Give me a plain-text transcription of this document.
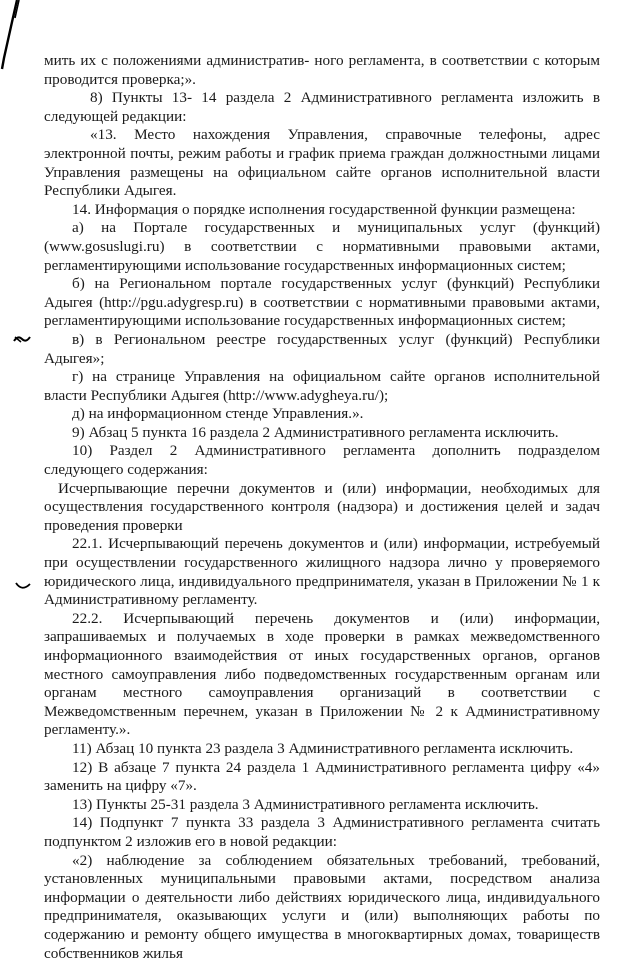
мить их с положениями административ- ного регламента, в соответствии с которым проводится проверка;».

8) Пункты 13- 14 раздела 2 Административного регламента изложить в следующей редакции:

«13. Место нахождения Управления, справочные телефоны, адрес электронной почты, режим работы и график приема граждан должностными лицами Управления размещены на официальном сайте органов исполнительной власти Республики Адыгея.

14. Информация о порядке исполнения государственной функции размещена:

а) на Портале государственных и муниципальных услуг (функций) (www.gosuslugi.ru) в соответствии с нормативными правовыми актами, регламентирующими использование государственных информационных систем;

б) на Региональном портале государственных услуг (функций) Республики Адыгея (http://pgu.adygresp.ru) в соответствии с нормативными правовыми актами, регламентирующими использование государственных информационных систем;

в) в Региональном реестре государственных услуг (функций) Республики Адыгея»;

г) на странице Управления на официальном сайте органов исполнительной власти Республики Адыгея (http://www.adygheya.ru/);

д) на информационном стенде Управления.».

9) Абзац 5 пункта 16 раздела 2 Административного регламента исключить.

10) Раздел 2 Административного регламента дополнить подразделом следующего содержания:

Исчерпывающие перечни документов и (или) информации, необходимых для осуществления государственного контроля (надзора) и достижения целей и задач проведения проверки

22.1. Исчерпывающий перечень документов и (или) информации, истребуемый при осуществлении государственного жилищного надзора лично у проверяемого юридического лица, индивидуального предпринимателя, указан в Приложении № 1 к Административному регламенту.

22.2. Исчерпывающий перечень документов и (или) информации, запрашиваемых и получаемых в ходе проверки в рамках межведомственного информационного взаимодействия от иных государственных органов, органов местного самоуправления либо подведомственных государственным органам или органам местного самоуправления организаций в соответствии с Межведомственным перечнем, указан в Приложении № 2 к Административному регламенту.».

11) Абзац 10 пункта 23 раздела 3 Административного регламента исключить.

12) В абзаце 7 пункта 24 раздела 1 Административного регламента цифру «4» заменить на цифру «7».

13) Пункты 25-31 раздела 3 Административного регламента исключить.

14) Подпункт 7 пункта 33 раздела 3 Административного регламента считать подпунктом 2 изложив его в новой редакции:

«2) наблюдение за соблюдением обязательных требований, требований, установленных муниципальными правовыми актами, посредством анализа информации о деятельности либо действиях юридического лица, индивидуального предпринимателя, оказывающих услуги и (или) выполняющих работы по содержанию и ремонту общего имущества в многоквартирных домах, товариществ собственников жилья
